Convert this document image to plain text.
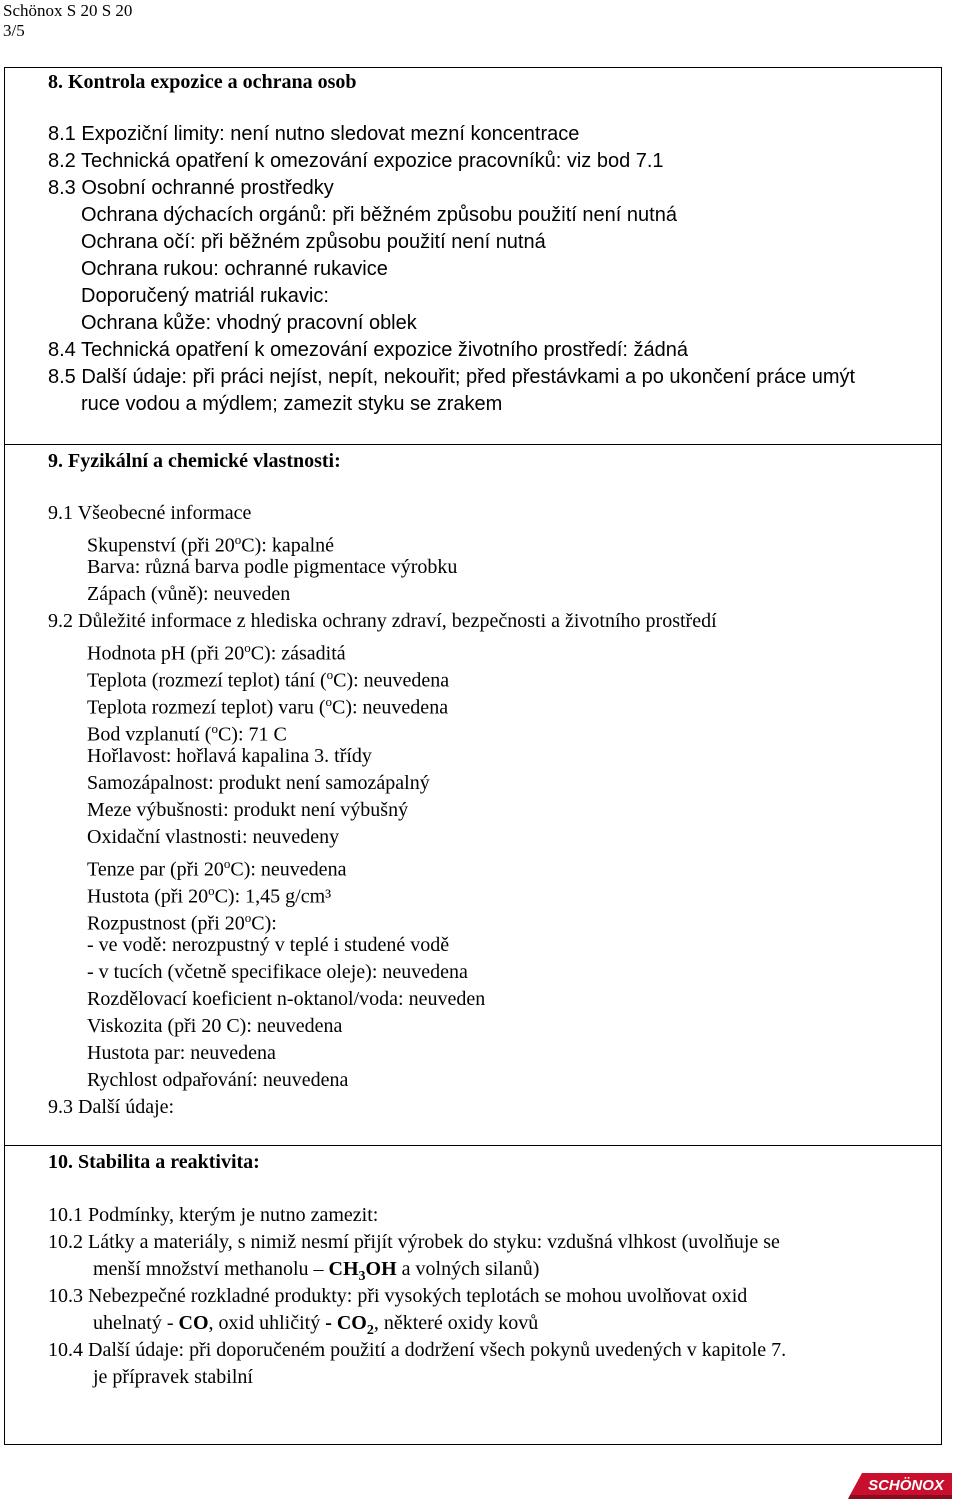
Schönox S 20 S 20
3/5
8. Kontrola expozice a ochrana osob
8.1 Expoziční limity: není nutno sledovat mezní koncentrace
8.2 Technická opatření k omezování expozice pracovníků: viz bod 7.1
8.3 Osobní ochranné prostředky
Ochrana dýchacích orgánů: při běžném způsobu použití není nutná
Ochrana očí: při běžném způsobu použití není nutná
Ochrana rukou: ochranné rukavice
Doporučený matriál rukavic:
Ochrana kůže: vhodný pracovní oblek
8.4 Technická opatření k omezování expozice životního prostředí: žádná
8.5 Další údaje: při práci nejíst, nepít, nekouřit; před přestávkami a po ukončení práce umýt
ruce vodou a mýdlem; zamezit styku se zrakem
9. Fyzikální a chemické vlastnosti:
9.1 Všeobecné informace
Skupenství (při 20$^o$C): kapalné
Barva: různá barva podle pigmentace výrobku
Zápach (vůně): neuveden
9.2 Důležité informace z hlediska ochrany zdraví, bezpečnosti a životního prostředí
Hodnota pH (při 20$^o$C): zásaditá
Teplota (rozmezí teplot) tání ($^o$C): neuvedena
Teplota rozmezí teplot) varu ($^o$C): neuvedena
Bod vzplanutí ($^o$C): 71 C
Hořlavost: hořlavá kapalina 3. třídy
Samozápalnost: produkt není samozápalný
Meze výbušnosti: produkt není výbušný
Oxidační vlastnosti: neuvedeny
Tenze par (při 20$^o$C): neuvedena
Hustota (při 20$^o$C): 1,45 g/cm³
Rozpustnost (při 20$^o$C):
- ve vodě: nerozpustný v teplé i studené vodě
- v tucích (včetně specifikace oleje): neuvedena
Rozdělovací koeficient n-oktanol/voda: neuveden
Viskozita (při 20 C): neuvedena
Hustota par: neuvedena
Rychlost odpařování: neuvedena
9.3 Další údaje:
10. Stabilita a reaktivita:
10.1 Podmínky, kterým je nutno zamezit:
10.2 Látky a materiály, s nimiž nesmí přijít výrobek do styku: vzdušná vlhkost (uvolňuje se
menší množství methanolu – $CH_3OH$ a volných silanů)
10.3 Nebezpečné rozkladné produkty: při vysokých teplotách se mohou uvolňovat oxid
uhelnatý - CO, oxid uhličitý - $CO_2$, některé oxidy kovů
10.4 Další údaje: při doporučeném použití a dodržení všech pokynů uvedených v kapitole 7.
je přípravek stabilní
SCHÖNOX
